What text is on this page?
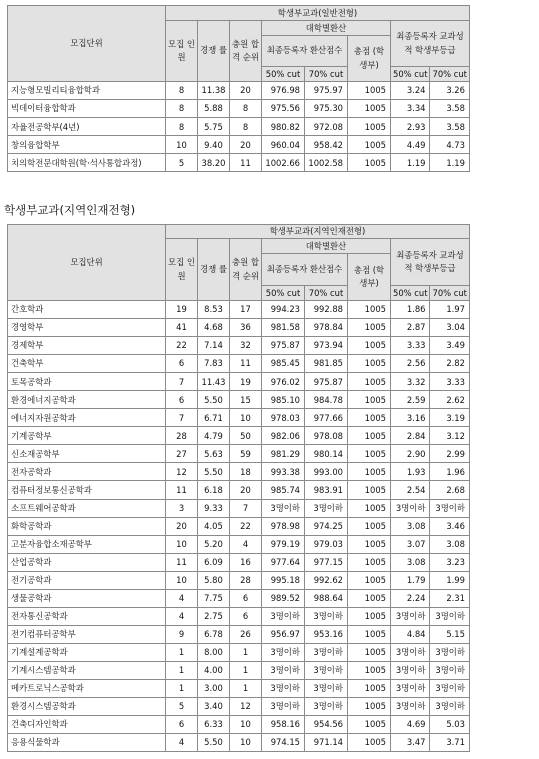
모집단위	학생부교과(일반전형)							
	모집 인원	경쟁 률	충원 합격 순위	대학별환산			최종등록자 교과성적 학생부등급	
				최종등록자 환산점수		총점 (학생부)		
				50% cut	70% cut		50% cut	70% cut
지능형모빌리티융합학과	8	11.38	20	976.98	975.97	1005	3.24	3.26
빅데이터융합학과	8	5.88	8	975.56	975.30	1005	3.34	3.58
자율전공학부(4년)	8	5.75	8	980.82	972.08	1005	2.93	3.58
창의융합학부	10	9.40	20	960.04	958.42	1005	4.49	4.73
치의학전문대학원(학·석사통합과정)	5	38.20	11	1002.66	1002.58	1005	1.19	1.19
학생부교과(지역인재전형)
모집단위	학생부교과(지역인재전형)							
	모집 인원	경쟁 률	충원 합격 순위	대학별환산			최종등록자 교과성적 학생부등급	
				최종등록자 환산점수		총점 (학생부)		
				50% cut	70% cut		50% cut	70% cut
간호학과	19	8.53	17	994.23	992.88	1005	1.86	1.97
경영학부	41	4.68	36	981.58	978.84	1005	2.87	3.04
경제학부	22	7.14	32	975.87	973.94	1005	3.33	3.49
건축학부	6	7.83	11	985.45	981.85	1005	2.56	2.82
토목공학과	7	11.43	19	976.02	975.87	1005	3.32	3.33
환경에너지공학과	6	5.50	15	985.10	984.78	1005	2.59	2.62
에너지자원공학과	7	6.71	10	978.03	977.66	1005	3.16	3.19
기계공학부	28	4.79	50	982.06	978.08	1005	2.84	3.12
신소재공학부	27	5.63	59	981.29	980.14	1005	2.90	2.99
전자공학과	12	5.50	18	993.38	993.00	1005	1.93	1.96
컴퓨터정보통신공학과	11	6.18	20	985.74	983.91	1005	2.54	2.68
소프트웨어공학과	3	9.33	7	3명이하	3명이하	1005	3명이하	3명이하
화학공학과	20	4.05	22	978.98	974.25	1005	3.08	3.46
고분자융합소재공학부	10	5.20	4	979.19	979.03	1005	3.07	3.08
산업공학과	11	6.09	16	977.64	977.15	1005	3.08	3.23
전기공학과	10	5.80	28	995.18	992.62	1005	1.79	1.99
생물공학과	4	7.75	6	989.52	988.64	1005	2.24	2.31
전자통신공학과	4	2.75	6	3명이하	3명이하	1005	3명이하	3명이하
전기컴퓨터공학부	9	6.78	26	956.97	953.16	1005	4.84	5.15
기계설계공학과	1	8.00	1	3명이하	3명이하	1005	3명이하	3명이하
기계시스템공학과	1	4.00	1	3명이하	3명이하	1005	3명이하	3명이하
메카트로닉스공학과	1	3.00	1	3명이하	3명이하	1005	3명이하	3명이하
환경시스템공학과	5	3.40	12	3명이하	3명이하	1005	3명이하	3명이하
건축디자인학과	6	6.33	10	958.16	954.56	1005	4.69	5.03
응용식물학과	4	5.50	10	974.15	971.14	1005	3.47	3.71
